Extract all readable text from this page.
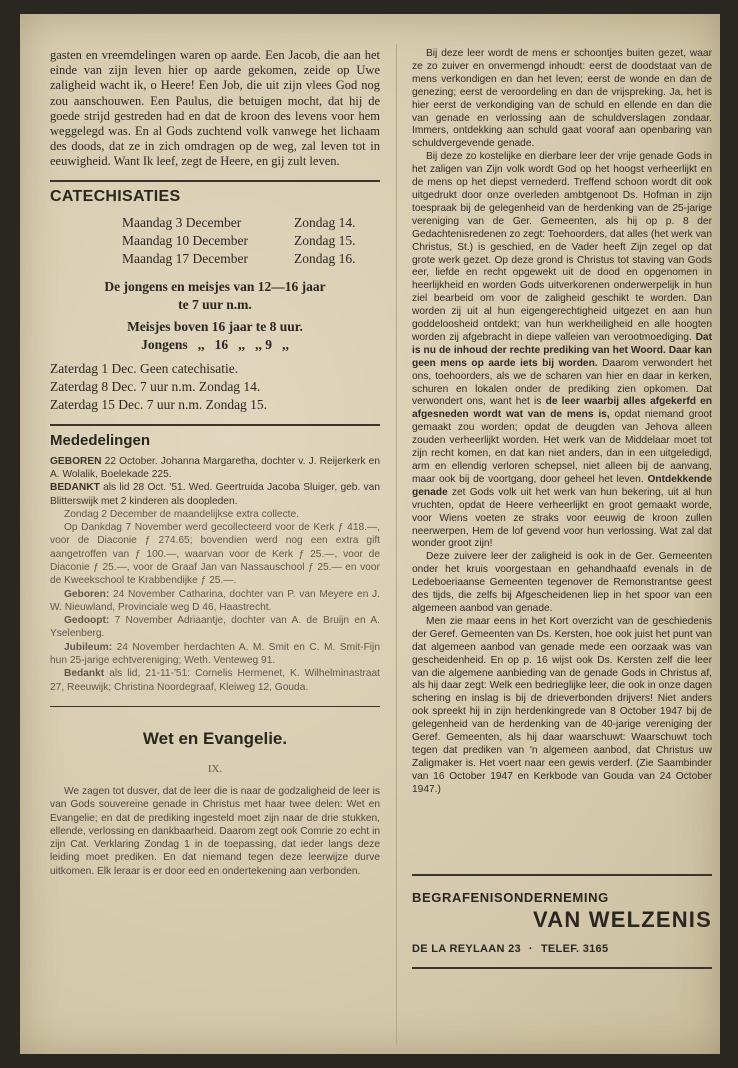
gasten en vreemdelingen waren op aarde. Een Jacob, die aan het einde van zijn leven hier op aarde gekomen, zeide op Uwe zaligheid wacht ik, o Heere! Een Job, die uit zijn vlees God nog zou aanschouwen. Een Paulus, die betuigen mocht, dat hij de goede strijd gestreden had en dat de kroon des levens voor hem weggelegd was. En al Gods zuchtend volk vanwege het lichaam des doods, dat ze in zich omdragen op de weg, zal leven tot in eeuwigheid. Want Ik leef, zegt de Heere, en gij zult leven.

CATECHISATIES
Maandag 3 December	Zondag 14.
Maandag 10 December	Zondag 15.
Maandag 17 December	Zondag 16.

De jongens en meisjes van 12—16 jaar

te 7 uur n.m.

Meisjes boven 16 jaar te 8 uur.

Jongens   ,,   16   ,,   ,, 9   ,,

Zaterdag 1 Dec. Geen catechisatie.

Zaterdag 8 Dec. 7 uur n.m. Zondag 14.

Zaterdag 15 Dec. 7 uur n.m. Zondag 15.

Mededelingen

GEBOREN 22 October. Johanna Margaretha, dochter v. J. Reijerkerk en A. Wolalik, Boelekade 225.

BEDANKT als lid 28 Oct. '51. Wed. Geertruida Jacoba Sluiger, geb. van Blitterswijk met 2 kinderen als doopleden.

Zondag 2 December de maandelijkse extra collecte.

Op Dankdag 7 November werd gecollecteerd voor de Kerk ƒ 418.—, voor de Diaconie ƒ 274.65; bovendien werd nog een extra gift aangetroffen van ƒ 100.—, waarvan voor de Kerk ƒ 25.—, voor de Diaconie ƒ 25.—, voor de Graaf Jan van Nassauschool ƒ 25.— en voor de Kweekschool te Krabbendijke ƒ 25.—.

Geboren: 24 November Catharina, dochter van P. van Meyere en J. W. Nieuwland, Provinciale weg D 46, Haastrecht.

Gedoopt: 7 November Adriaantje, dochter van A. de Bruijn en A. Yselenberg.

Jubileum: 24 November herdachten A. M. Smit en C. M. Smit-Fijn hun 25-jarige echtvereniging; Weth. Venteweg 91.

Bedankt als lid, 21-11-'51: Cornelis Hermenet, K. Wilhelminastraat 27, Reeuwijk; Christina Noordegraaf, Kleiweg 12, Gouda.

Wet en Evangelie.

IX.

We zagen tot dusver, dat de leer die is naar de godzaligheid de leer is van Gods souvereine genade in Christus met haar twee delen: Wet en Evangelie; en dat de prediking ingesteld moet zijn naar de drie stukken, ellende, verlossing en dankbaarheid. Daarom zegt ook Comrie zo echt in zijn Cat. Verklaring Zondag 1 in de toepassing, dat ieder langs deze leiding moet prediken. En dat niemand tegen deze leerwijze durve uitkomen. Elk leraar is er door eed en ondertekening aan verbonden.

Bij deze leer wordt de mens er schoontjes buiten gezet, waar ze zo zuiver en onvermengd inhoudt: eerst de doodstaat van de mens verkondigen en dan het leven; eerst de wonde en dan de genezing; eerst de veroordeling en dan de vrijspreking. Ja, het is hier eerst de verkondiging van de schuld en ellende en dan die van genade en verlossing aan de schuldverslagen zondaar. Immers, ontdekking aan schuld gaat vooraf aan openbaring van schuldvergevende genade.

Bij deze zo kostelijke en dierbare leer der vrije genade Gods in het zaligen van Zijn volk wordt God op het hoogst verheerlijkt en de mens op het diepst vernederd. Treffend schoon wordt dit ook uitgedrukt door onze overleden ambtgenoot Ds. Hofman in zijn toespraak bij de gelegenheid van de herdenking van de 25-jarige vereniging van de Ger. Gemeenten, als hij op p. 8 der Gedachtenisredenen zo zegt: Toehoorders, dat alles (het werk van Christus, St.) is geschied, en de Vader heeft Zijn zegel op dat grote werk gezet. Op deze grond is Christus tot staving van Gods eer, liefde en recht opgewekt uit de dood en opgenomen in heerlijkheid en worden Gods uitverkorenen onderwerpelijk in hun ziel bearbeid om voor de zaligheid geschikt te worden. Dan worden zij uit al hun eigengerechtigheid uitgezet en aan hun goddeloosheid ontdekt; van hun werkheiligheid en alle hoogten worden zij afgebracht in diepe valleien van verootmoediging. Dat is nu de inhoud der rechte prediking van het Woord. Daar kan geen mens op aarde iets bij worden. Daarom verwondert het ons, toehoorders, als we de scharen van hier en daar in kerken, schuren en lokalen onder de prediking zien opkomen. Dat verwondert ons, want het is de leer waarbij alles afgekerfd en afgesneden wordt wat van de mens is, opdat niemand groot gemaakt zou worden; opdat de deugden van Jehova alleen zouden verheerlijkt worden. Het werk van de Middelaar moet tot zijn recht komen, en dat kan niet anders, dan in een uitgeledigd, arm en ellendig verloren schepsel, niet alleen bij de aanvang, maar ook bij de voortgang, door geheel het leven. Ontdekkende genade zet Gods volk uit het werk van hun bekering, uit al hun vruchten, opdat de Heere verheerlijkt en groot gemaakt worde, voor Wiens voeten ze straks voor eeuwig de kroon zullen neerwerpen, Hem de lof gevend voor hun verlossing. Wat zal dat wonder groot zijn!

Deze zuivere leer der zaligheid is ook in de Ger. Gemeenten onder het kruis voorgestaan en gehandhaafd evenals in de Ledeboeriaanse Gemeenten tegenover de Remonstrantse geest des tijds, die zelfs bij Afgescheidenen liep in het spoor van een algemeen aanbod van genade.

Men zie maar eens in het Kort overzicht van de geschiedenis der Geref. Gemeenten van Ds. Kersten, hoe ook juist het punt van dat algemeen aanbod van genade mede een oorzaak was van gescheidenheid. En op p. 16 wijst ook Ds. Kersten zelf die leer van die algemene aanbieding van de genade Gods in Christus af, als hij daar zegt: Welk een bedrieglijke leer, die ook in onze dagen schering en inslag is bij de drieverbonden drijvers! Niet anders ook spreekt hij in zijn herdenkingrede van 8 October 1947 bij de gelegenheid van de herdenking van de 40-jarige vereniging der Geref. Gemeenten, als hij daar waarschuwt: Waarschuwt toch tegen dat prediken van 'n algemeen aanbod, dat Christus uw Zaligmaker is. Het voert naar een gewis verderf. (Zie Saambinder van 16 October 1947 en Kerkbode van Gouda van 24 October 1947.)

BEGRAFENISONDERNEMING

VAN WELZENIS

DE LA REYLAAN 23 · TELEF. 3165
